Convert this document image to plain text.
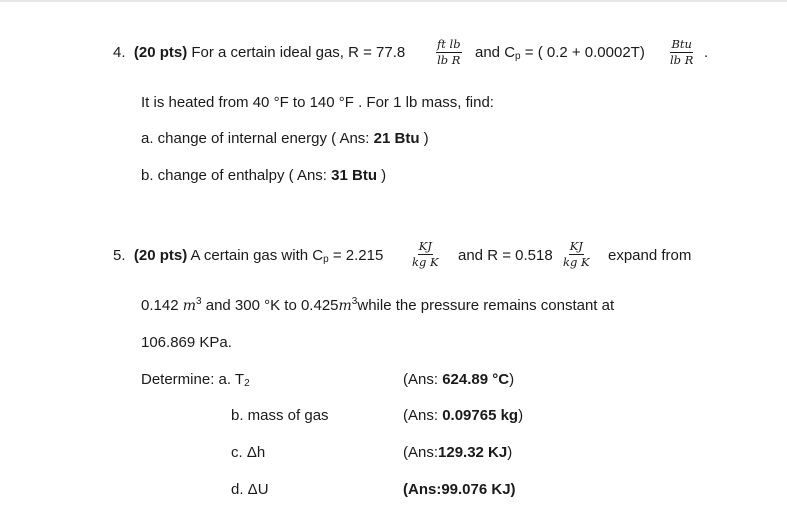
4. (20 pts) For a certain ideal gas, R = 77.8	$\frac{\text{ft lb}}{\text{lb R}}$ and $C_p$ = ( 0.2 + 0.0002T) Btu
lb R .
It is heated from 40 °F to 140 °F . For 1 lb mass, find:
a. change of internal energy ( Ans: 21 Btu )
b. change of enthalpy ( Ans: 31 Btu )
5. (20 pts) A certain gas with $C_p = 2.215 \frac{KJ}{\text{kg K}}$ and $R = 0.518 \frac{KJ}{\text{kg K}}$ expand from
0.142 $m^3$ and 300 °K to $0.425m^3while$ the pressure remains constant at
106.869 KPa.
Determine: a. $T_2$	(Ans: 624.89 °C)
b. mass of gas	(Ans: 0.09765 kg)
c. Δh	(Ans:129.32 KJ)
d. ΔU	(Ans:99.076 KJ)
